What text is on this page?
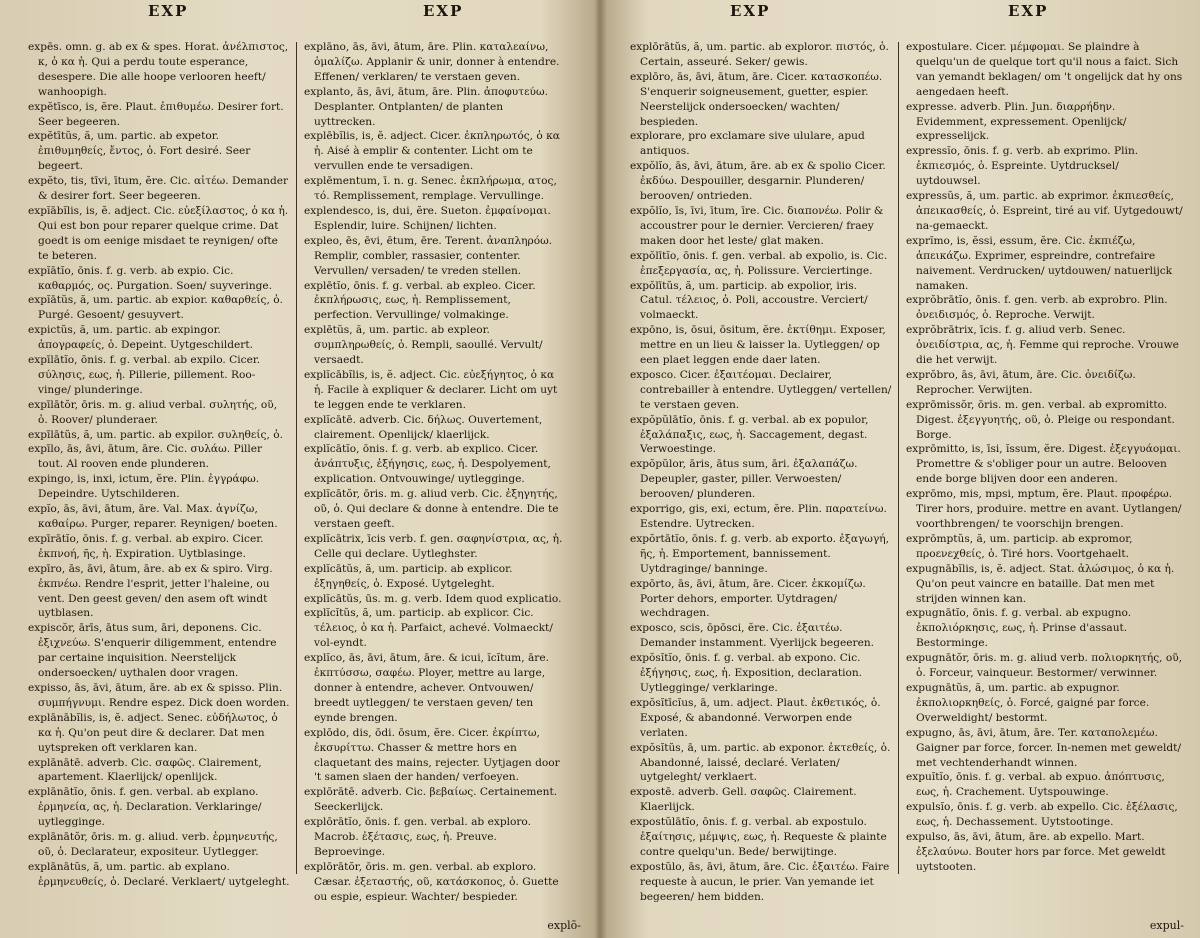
EXP	EXP

expēs. omn. g. ab ex & spes. Horat. ἀνέλπιστος, κ, ὁ κα ἡ. Qui a perdu toute esperance, desespere. Die alle hoope verlooren heeft/ wanhoopigh.

expĕtīsco, is, ĕre. Plaut. ἐπιθυμέω. Desirer fort. Seer begeeren.

expĕtītŭs, ă, um. partic. ab expetor. ἐπιθυμηθείς, ἔντος, ὁ. Fort desiré. Seer begeert.

expĕto, tis, tīvi, ītum, ĕre. Cic. αἰτέω. Demander & desirer fort. Seer begeeren.

expĭābĭlis, is, ĕ. adject. Cic. εὐεξίλαστος, ὁ κα ἡ. Qui est bon pour reparer quelque crime. Dat goedt is om eenige misdaet te reynigen/ ofte te beteren.

expĭātĭo, ōnis. f. g. verb. ab expio. Cic. καθαρμός, ος. Purgation. Soen/ suyveringe.

expĭātŭs, ă, um. partic. ab expior. καθαρθείς, ὁ. Purgé. Gesoent/ gesuyvert.

expictŭs, ă, um. partic. ab expingor. ἀπογραφείς, ὁ. Depeint. Uytgeschildert.

expīlātĭo, ōnis. f. g. verbal. ab expilo. Cicer. σύλησις, εως, ἡ. Pillerie, pillement. Roo- vinge/ plunderinge.

expīlātŏr, ōris. m. g. aliud verbal. συλητής, οῦ, ὁ. Roover/ plunderaer.

expīlātŭs, ă, um. partic. ab expilor. συληθείς, ὁ.

expīlo, ās, āvi, ātum, āre. Cic. συλάω. Piller tout. Al rooven ende plunderen.

expingo, is, inxi, ictum, ĕre. Plin. ἐγγράφω. Depeindre. Uytschilderen.

expĭo, ās, āvi, ātum, āre. Val. Max. ἁγνίζω, καθαίρω. Purger, reparer. Reynigen/ boeten.

expīrātĭo, ōnis. f. g. verbal. ab expiro. Cicer. ἐκπνοή, ῆς, ἡ. Expiration. Uytblasinge.

expīro, ās, āvi, ātum, āre. ab ex & spiro. Virg. ἐκπνέω. Rendre l'esprit, jetter l'haleine, ou vent. Den geest geven/ den asem oft windt uytblasen.

expiscŏr, ārīs, ātus sum, āri, deponens. Cic. ἐξιχνεύω. S'enquerir diligemment, entendre par certaine inquisition. Neerstelijck ondersoecken/ uythalen door vragen.

expisso, ās, āvi, ātum, āre. ab ex & spisso. Plin. συμπήγνυμι. Rendre espez. Dick doen worden.

explānābĭlis, is, ĕ. adject. Senec. εὐδήλωτος, ὁ κα ἡ. Qu'on peut dire & declarer. Dat men uytspreken oft verklaren kan.

explānātē. adverb. Cic. σαφῶς. Clairement, apartement. Klaerlijck/ openlijck.

explānātĭo, ōnis. f. gen. verbal. ab explano. ἑρμηνεία, ας, ἡ. Declaration. Verklaringe/ uytlegginge.

explānātŏr, ōris. m. g. aliud. verb. ἑρμηνευτής, οῦ, ὁ. Declarateur, expositeur. Uytlegger.

explānātŭs, ă, um. partic. ab explano. ἑρμηνευθείς, ὁ. Declaré. Verklaert/ uytgeleght.

explāno, ās, āvi, ātum, āre. Plin. καταλεαίνω, ὁμαλίζω. Applanir & unir, donner à entendre. Effenen/ verklaren/ te verstaen geven.

explanto, ās, āvi, ātum, āre. Plin. ἀποφυτεύω. Desplanter. Ontplanten/ de planten uyttrecken.

explēbĭlis, is, ĕ. adject. Cicer. ἐκπληρωτός, ὁ κα ἡ. Aisé à emplir & contenter. Licht om te vervullen ende te versadigen.

explēmentum, ī. n. g. Senec. ἐκπλήρωμα, ατος, τό. Remplissement, remplage. Vervullinge.

explendesco, is, dui, ĕre. Sueton. ἐμφαίνομαι. Esplendir, luire. Schijnen/ lichten.

expleo, ēs, ēvi, ētum, ēre. Terent. ἀναπληρόω. Remplir, combler, rassasier, contenter. Vervullen/ versaden/ te vreden stellen.

explētĭo, ōnis. f. g. verbal. ab expleo. Cicer. ἐκπλήρωσις, εως, ἡ. Remplissement, perfection. Vervullinge/ volmakinge.

explētŭs, ă, um. partic. ab expleor. συμπληρωθείς, ὁ. Rempli, saoullé. Vervult/ versaedt.

explĭcābĭlis, is, ĕ. adject. Cic. εὐεξήγητος, ὁ κα ἡ. Facile à expliquer & declarer. Licht om uyt te leggen ende te verklaren.

explĭcātē. adverb. Cic. δήλως. Ouvertement, clairement. Openlijck/ klaerlijck.

explĭcātĭo, ōnis. f. g. verb. ab explico. Cicer. ἀνάπτυξις, ἐξήγησις, εως, ἡ. Despolyement, explication. Ontvouwinge/ uytlegginge.

explĭcātŏr, ōris. m. g. aliud verb. Cic. ἐξηγητής, οῦ, ὁ. Qui declare & donne à entendre. Die te verstaen geeft.

explĭcātrix, īcis verb. f. gen. σαφηνίστρια, ας, ἡ. Celle qui declare. Uytleghster.

explĭcātŭs, ă, um. particip. ab explicor. ἐξηγηθείς, ὁ. Exposé. Uytgeleght.

explĭcātŭs, ūs. m. g. verb. Idem quod explicatio.

explĭcĭtŭs, ă, um. particip. ab explicor. Cic. τέλειος, ὁ κα ἡ. Parfaict, achevé. Volmaeckt/ vol-eyndt.

explĭco, ās, āvi, ātum, āre. & icui, ĭcĭtum, āre. ἐκπτύσσω, σαφέω. Ployer, mettre au large, donner à entendre, achever. Ontvouwen/ breedt uytleggen/ te verstaen geven/ ten eynde brengen.

explōdo, dis, ōdi. ōsum, ĕre. Cicer. ἐκρίπτω, ἐκσυρίττω. Chasser & mettre hors en claquetant des mains, rejecter. Uytjagen door 't samen slaen der handen/ verfoeyen.

explōrātē. adverb. Cic. βεβαίως. Certainement. Seeckerlijck.

explōrātĭo, ōnis. f. gen. verbal. ab exploro. Macrob. ἐξέτασις, εως, ἡ. Preuve. Beproevinge.

explōrātŏr, ōris. m. gen. verbal. ab exploro. Cæsar. ἐξεταστής, οῦ, κατάσκοπος, ὁ. Guette ou espie, espieur. Wachter/ bespieder.

explō-
EXP	EXP

explōrātŭs, ă, um. partic. ab exploror. πιστός, ὁ. Certain, asseuré. Seker/ gewis.

explōro, ās, āvi, ātum, āre. Cicer. κατασκοπέω. S'enquerir soigneusement, guetter, espier. Neerstelijck ondersoecken/ wachten/ bespieden.

explorare, pro exclamare sive ululare, apud antiquos.

expŏlĭo, ās, āvi, ātum, āre. ab ex & spolio Cicer. ἐκδύω. Despouiller, desgarnir. Plunderen/ berooven/ ontrieden.

expŏlĭo, īs, īvi, ītum, īre. Cic. διαπονέω. Polir & accoustrer pour le dernier. Vercieren/ fraey maken door het leste/ glat maken.

expŏlītĭo, ōnis. f. gen. verbal. ab expolio, is. Cic. ἐπεξεργασία, ας, ἡ. Polissure. Verciertinge.

expŏlītŭs, ă, um. particip. ab expolior, iris. Catul. τέλειος, ὁ. Poli, accoustre. Verciert/ volmaeckt.

expōno, is, ōsui, ōsitum, ĕre. ἐκτίθημι. Exposer, mettre en un lieu & laisser la. Uytleggen/ op een plaet leggen ende daer laten.

exposco. Cicer. ἐξαιτέομαι. Declairer, contrebailler à entendre. Uytleggen/ vertellen/ te verstaen geven.

expŏpŭlātĭo, ōnis. f. g. verbal. ab ex populor, ἐξαλάπαξις, εως, ἡ. Saccagement, degast. Verwoestinge.

expŏpŭlor, āris, ātus sum, āri. ἐξαλαπάζω. Depeupler, gaster, piller. Verwoesten/ berooven/ plunderen.

exporrigo, gis, exi, ectum, ĕre. Plin. παρατείνω. Estendre. Uytrecken.

expŏrtātĭo, ōnis. f. g. verb. ab exporto. ἐξαγωγή, ῆς, ἡ. Emportement, bannissement. Uytdraginge/ banninge.

expōrto, ās, āvi, ātum, āre. Cicer. ἐκκομίζω. Porter dehors, emporter. Uytdragen/ wechdragen.

exposco, scis, ōpōsci, ĕre. Cic. ἐξαιτέω. Demander instamment. Vyerlijck begeeren.

expŏsĭtĭo, ōnis. f. g. verbal. ab expono. Cic. ἐξήγησις, εως, ἡ. Exposition, declaration. Uytlegginge/ verklaringe.

expŏsĭtīcĭus, ā, um. adject. Plaut. ἐκθετικός, ὁ. Exposé, & abandonné. Verworpen ende verlaten.

expŏsĭtŭs, ā, um. partic. ab exponor. ἐκτεθείς, ὁ. Abandonné, laissé, declaré. Verlaten/ uytgeleght/ verklaert.

expostē. adverb. Gell. σαφῶς. Clairement. Klaerlijck.

expostŭlātĭo, ōnis. f. g. verbal. ab expostulo. ἐξαίτησις, μέμψις, εως, ἡ. Requeste & plainte contre quelqu'un. Bede/ berwijtinge.

expostŭlo, ās, āvi, ātum, āre. Cic. ἐξαιτέω. Faire requeste à aucun, le prier. Van yemande iet begeeren/ hem bidden.

expostulare. Cicer. μέμφομαι. Se plaindre à quelqu'un de quelque tort qu'il nous a faict. Sich van yemandt beklagen/ om 't ongelijck dat hy ons aengedaen heeft.

expresse. adverb. Plin. Jun. διαρρήδην. Evidemment, expressement. Openlijck/ expresselijck.

expressĭo, ōnis. f. g. verb. ab exprimo. Plin. ἐκπιεσμός, ὁ. Espreinte. Uytdrucksel/ uytdouwsel.

expressŭs, ă, um. partic. ab exprimor. ἐκπιεσθείς, ἀπεικασθείς, ὁ. Espreint, tiré au vif. Uytgedouwt/ na-gemaeckt.

exprĭmo, is, ĕssi, essum, ĕre. Cic. ἐκπιέζω, ἀπεικάζω. Exprimer, espreindre, contrefaire naivement. Verdrucken/ uytdouwen/ natuerlijck namaken.

exprŏbrātĭo, ōnis. f. gen. verb. ab exprobro. Plin. ὀνειδισμός, ὁ. Reproche. Verwijt.

exprŏbrātrix, īcis. f. g. aliud verb. Senec. ὀνειδίστρια, ας, ἡ. Femme qui reproche. Vrouwe die het verwijt.

exprŏbro, ās, āvi, ātum, āre. Cic. ὀνειδίζω. Reprocher. Verwijten.

exprōmissŏr, ōris. m. gen. verbal. ab expromitto. Digest. ἐξεγγυητής, οῦ, ὁ. Pleige ou respondant. Borge.

exprōmitto, is, īsi, ĭssum, ĕre. Digest. ἐξεγγυάομαι. Promettre & s'obliger pour un autre. Belooven ende borge blijven door een anderen.

exprōmo, mis, mpsi, mptum, ĕre. Plaut. προφέρω. Tirer hors, produire. mettre en avant. Uytlangen/ voorthbrengen/ te voorschijn brengen.

exprōmptŭs, ă, um. particip. ab expromor, προενεχθείς, ὁ. Tiré hors. Voortgehaelt.

expugnābĭlis, is, ĕ. adject. Stat. ἁλώσιμος, ὁ κα ἡ. Qu'on peut vaincre en bataille. Dat men met strijden winnen kan.

expugnātĭo, ōnis. f. g. verbal. ab expugno. ἐκπολιόρκησις, εως, ἡ. Prinse d'assaut. Bestorminge.

expugnātŏr, ōris. m. g. aliud verb. πολιορκητής, οῦ, ὁ. Forceur, vainqueur. Bestormer/ verwinner.

expugnātŭs, ă, um. partic. ab expugnor. ἐκπολιορκηθείς, ὁ. Forcé, gaigné par force. Overweldight/ bestormt.

expugno, ās, āvi, ātum, āre. Ter. καταπολεμέω. Gaigner par force, forcer. In-nemen met geweldt/ met vechtenderhandt winnen.

expuĭtĭo, ōnis. f. g. verbal. ab expuo. ἀπόπτυσις, εως, ἡ. Crachement. Uytspouwinge.

expulsĭo, ōnis. f. g. verb. ab expello. Cic. ἐξέλασις, εως, ἡ. Dechassement. Uytstootinge.

expulso, ās, āvi, ātum, āre. ab expello. Mart. ἐξελαύνω. Bouter hors par force. Met geweldt uytstooten.

expul-
